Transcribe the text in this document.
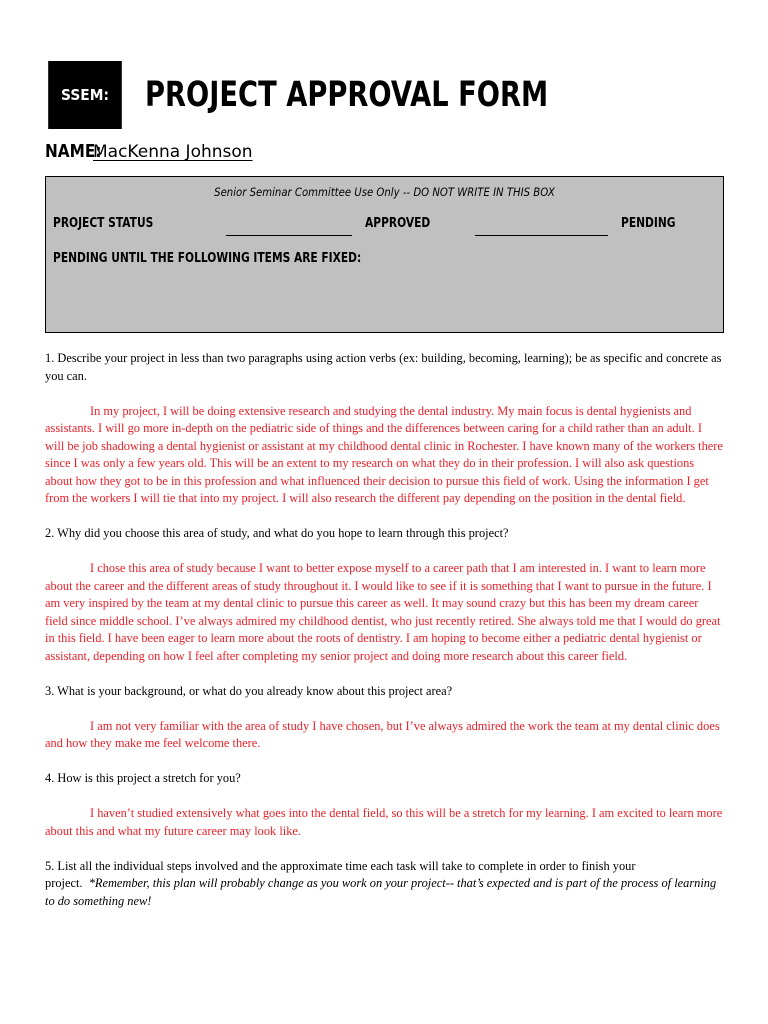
SSEM:	PROJECT APPROVAL FORM
NAME:
MacKenna Johnson
Senior Seminar Committee Use Only -- DO NOT WRITE IN THIS BOX
PROJECT STATUS	APPROVED	PENDING
PENDING UNTIL THE FOLLOWING ITEMS ARE FIXED:

1. Describe your project in less than two paragraphs using action verbs (ex: building, becoming, learning); be as specific and concrete as you can.

In my project, I will be doing extensive research and studying the dental industry. My main focus is dental hygienists and assistants. I will go more in-depth on the pediatric side of things and the differences between caring for a child rather than an adult. I will be job shadowing a dental hygienist or assistant at my childhood dental clinic in Rochester. I have known many of the workers there since I was only a few years old. This will be an extent to my research on what they do in their profession. I will also ask questions about how they got to be in this profession and what influenced their decision to pursue this field of work. Using the information I get from the workers I will tie that into my project. I will also research the different pay depending on the position in the dental field.

2. Why did you choose this area of study, and what do you hope to learn through this project?

I chose this area of study because I want to better expose myself to a career path that I am interested in. I want to learn more about the career and the different areas of study throughout it. I would like to see if it is something that I want to pursue in the future. I am very inspired by the team at my dental clinic to pursue this career as well. It may sound crazy but this has been my dream career field since middle school. I’ve always admired my childhood dentist, who just recently retired. She always told me that I would do great in this field. I have been eager to learn more about the roots of dentistry. I am hoping to become either a pediatric dental hygienist or assistant, depending on how I feel after completing my senior project and doing more research about this career field.

3. What is your background, or what do you already know about this project area?

I am not very familiar with the area of study I have chosen, but I’ve always admired the work the team at my dental clinic does and how they make me feel welcome there.

4. How is this project a stretch for you?

I haven’t studied extensively what goes into the dental field, so this will be a stretch for my learning. I am excited to learn more about this and what my future career may look like.

5. List all the individual steps involved and the approximate time each task will take to complete in order to finish your project. *Remember, this plan will probably change as you work on your project-- that’s expected and is part of the process of learning to do something new!
